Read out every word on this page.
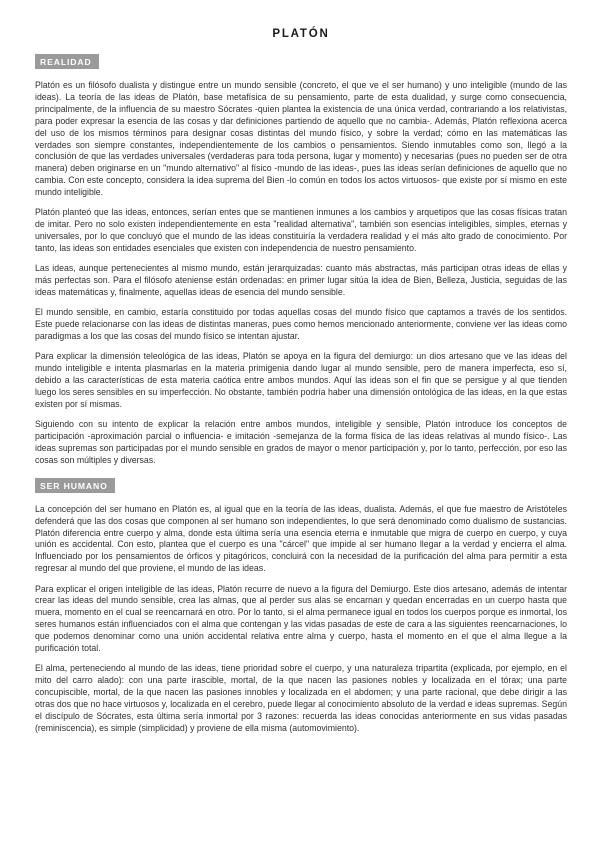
PLATÓN
REALIDAD

Platón es un filósofo dualista y distingue entre un mundo sensible (concreto, el que ve el ser humano) y uno inteligible (mundo de las ideas). La teoría de las ideas de Platón, base metafísica de su pensamiento, parte de esta dualidad, y surge como consecuencia, principalmente, de la influencia de su maestro Sócrates -quien plantea la existencia de una única verdad, contrariando a los relativistas, para poder expresar la esencia de las cosas y dar definiciones partiendo de aquello que no cambia-. Además, Platón reflexiona acerca del uso de los mismos términos para designar cosas distintas del mundo físico, y sobre la verdad; cómo en las matemáticas las verdades son siempre constantes, independientemente de los cambios o pensamientos. Siendo inmutables como son, llegó a la conclusión de que las verdades universales (verdaderas para toda persona, lugar y momento) y necesarias (pues no pueden ser de otra manera) deben originarse en un "mundo alternativo" al físico -mundo de las ideas-, pues las ideas serían definiciones de aquello que no cambia. Con este concepto, considera la idea suprema del Bien -lo común en todos los actos virtuosos- que existe por sí mismo en este mundo inteligible.

Platón planteó que las ideas, entonces, serían entes que se mantienen inmunes a los cambios y arquetipos que las cosas físicas tratan de imitar. Pero no solo existen independientemente en esta "realidad alternativa", también son esencias inteligibles, simples, eternas y universales, por lo que concluyó que el mundo de las ideas constituiría la verdadera realidad y el más alto grado de conocimiento. Por tanto, las ideas son entidades esenciales que existen con independencia de nuestro pensamiento.

Las ideas, aunque pertenecientes al mismo mundo, están jerarquizadas: cuanto más abstractas, más participan otras ideas de ellas y más perfectas son. Para el filósofo ateniense están ordenadas: en primer lugar sitúa la idea de Bien, Belleza, Justicia, seguidas de las ideas matemáticas y, finalmente, aquellas ideas de esencia del mundo sensible.

El mundo sensible, en cambio, estaría constituido por todas aquellas cosas del mundo físico que captamos a través de los sentidos. Este puede relacionarse con las ideas de distintas maneras, pues como hemos mencionado anteriormente, conviene ver las ideas como paradigmas a los que las cosas del mundo físico se intentan ajustar.

Para explicar la dimensión teleológica de las ideas, Platón se apoya en la figura del demiurgo: un dios artesano que ve las ideas del mundo inteligible e intenta plasmarlas en la materia primigenia dando lugar al mundo sensible, pero de manera imperfecta, eso sí, debido a las características de esta materia caótica entre ambos mundos. Aquí las ideas son el fin que se persigue y al que tienden luego los seres sensibles en su imperfección. No obstante, también podría haber una dimensión ontológica de las ideas, en la que estas existen por sí mismas.

Siguiendo con su intento de explicar la relación entre ambos mundos, inteligible y sensible, Platón introduce los conceptos de participación -aproximación parcial o influencia- e imitación -semejanza de la forma física de las ideas relativas al mundo físico-. Las ideas supremas son participadas por el mundo sensible en grados de mayor o menor participación y, por lo tanto, perfección, por eso las cosas son múltiples y diversas.

SER HUMANO

La concepción del ser humano en Platón es, al igual que en la teoría de las ideas, dualista. Además, el que fue maestro de Aristóteles defenderá que las dos cosas que componen al ser humano son independientes, lo que será denominado como dualismo de sustancias. Platón diferencia entre cuerpo y alma, donde esta última sería una esencia eterna e inmutable que migra de cuerpo en cuerpo, y cuya unión es accidental. Con esto, plantea que el cuerpo es una "cárcel" que impide al ser humano llegar a la verdad y encierra el alma. Influenciado por los pensamientos de órficos y pitagóricos, concluirá con la necesidad de la purificación del alma para permitir a esta regresar al mundo del que proviene, el mundo de las ideas.

Para explicar el origen inteligible de las ideas, Platón recurre de nuevo a la figura del Demiurgo. Este dios artesano, además de intentar crear las ideas del mundo sensible, crea las almas, que al perder sus alas se encarnan y quedan encerradas en un cuerpo hasta que muera, momento en el cual se reencarnará en otro. Por lo tanto, si el alma permanece igual en todos los cuerpos porque es inmortal, los seres humanos están influenciados con el alma que contengan y las vidas pasadas de este de cara a las siguientes reencarnaciones, lo que podemos denominar como una unión accidental relativa entre alma y cuerpo, hasta el momento en el que el alma llegue a la purificación total.

El alma, perteneciendo al mundo de las ideas, tiene prioridad sobre el cuerpo, y una naturaleza tripartita (explicada, por ejemplo, en el mito del carro alado): con una parte irascible, mortal, de la que nacen las pasiones nobles y localizada en el tórax; una parte concupiscible, mortal, de la que nacen las pasiones innobles y localizada en el abdomen; y una parte racional, que debe dirigir a las otras dos que no hace virtuosos y, localizada en el cerebro, puede llegar al conocimiento absoluto de la verdad e ideas supremas. Según el discípulo de Sócrates, esta última sería inmortal por 3 razones: recuerda las ideas conocidas anteriormente en sus vidas pasadas (reminiscencia), es simple (simplicidad) y proviene de ella misma (automovimiento).
